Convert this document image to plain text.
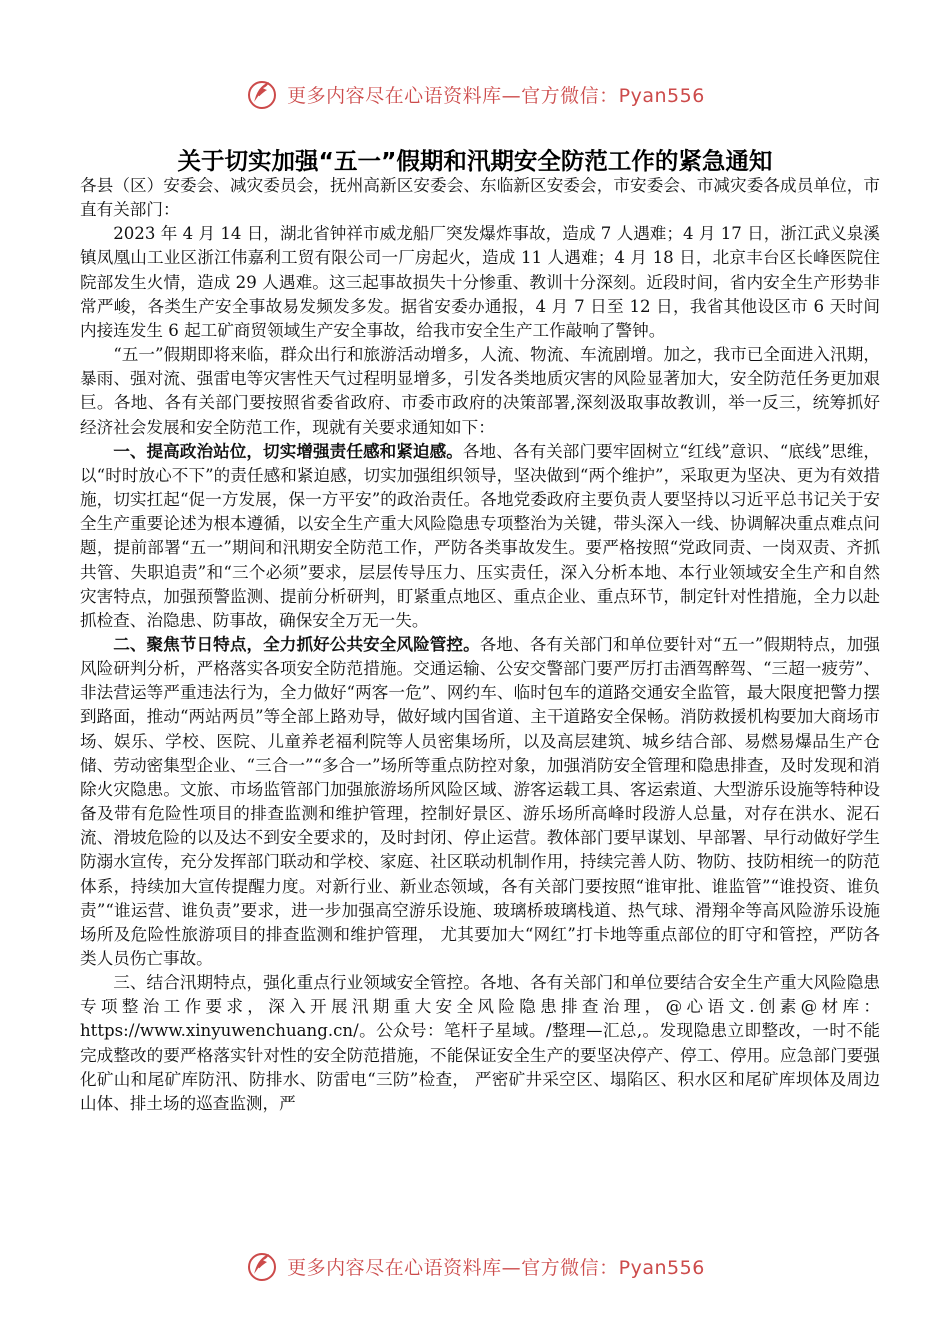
更多内容尽在心语资料库—官方微信：Pyan556
关于切实加强“五一”假期和汛期安全防范工作的紧急通知

各县（区）安委会、减灾委员会，抚州高新区安委会、东临新区安委会，市安委会、市减灾委各成员单位，市直有关部门：

2023 年 4 月 14 日，湖北省钟祥市威龙船厂突发爆炸事故，造成 7 人遇难；4 月 17 日，浙江武义泉溪镇凤凰山工业区浙江伟嘉利工贸有限公司一厂房起火，造成 11 人遇难；4 月 18 日，北京丰台区长峰医院住院部发生火情，造成 29 人遇难。这三起事故损失十分惨重、教训十分深刻。近段时间，省内安全生产形势非常严峻，各类生产安全事故易发频发多发。据省安委办通报，4 月 7 日至 12 日，我省其他设区市 6 天时间内接连发生 6 起工矿商贸领域生产安全事故，给我市安全生产工作敲响了警钟。

“五一”假期即将来临，群众出行和旅游活动增多，人流、物流、车流剧增。加之，我市已全面进入汛期，暴雨、强对流、强雷电等灾害性天气过程明显增多，引发各类地质灾害的风险显著加大，安全防范任务更加艰巨。各地、各有关部门要按照省委省政府、市委市政府的决策部署,深刻汲取事故教训，举一反三，统筹抓好经济社会发展和安全防范工作，现就有关要求通知如下：

一、提高政治站位，切实增强责任感和紧迫感。各地、各有关部门要牢固树立“红线”意识、“底线”思维，以“时时放心不下”的责任感和紧迫感，切实加强组织领导，坚决做到“两个维护”，采取更为坚决、更为有效措施，切实扛起“促一方发展，保一方平安”的政治责任。各地党委政府主要负责人要坚持以习近平总书记关于安全生产重要论述为根本遵循，以安全生产重大风险隐患专项整治为关键，带头深入一线、协调解决重点难点问题，提前部署“五一”期间和汛期安全防范工作，严防各类事故发生。要严格按照“党政同责、一岗双责、齐抓共管、失职追责”和“三个必须”要求，层层传导压力、压实责任，深入分析本地、本行业领域安全生产和自然灾害特点，加强预警监测、提前分析研判，盯紧重点地区、重点企业、重点环节，制定针对性措施，全力以赴抓检查、治隐患、防事故，确保安全万无一失。

二、聚焦节日特点，全力抓好公共安全风险管控。各地、各有关部门和单位要针对“五一”假期特点，加强风险研判分析，严格落实各项安全防范措施。交通运输、公安交警部门要严厉打击酒驾醉驾、“三超一疲劳”、非法营运等严重违法行为，全力做好“两客一危”、网约车、临时包车的道路交通安全监管，最大限度把警力摆到路面，推动“两站两员”等全部上路劝导，做好域内国省道、主干道路安全保畅。消防救援机构要加大商场市场、娱乐、学校、医院、儿童养老福利院等人员密集场所，以及高层建筑、城乡结合部、易燃易爆品生产仓储、劳动密集型企业、“三合一”“多合一”场所等重点防控对象，加强消防安全管理和隐患排查，及时发现和消除火灾隐患。文旅、市场监管部门加强旅游场所风险区域、游客运载工具、客运索道、大型游乐设施等特种设备及带有危险性项目的排查监测和维护管理，控制好景区、游乐场所高峰时段游人总量，对存在洪水、泥石流、滑坡危险的以及达不到安全要求的，及时封闭、停止运营。教体部门要早谋划、早部署、早行动做好学生防溺水宣传，充分发挥部门联动和学校、家庭、社区联动机制作用，持续完善人防、物防、技防相统一的防范体系，持续加大宣传提醒力度。对新行业、新业态领域，各有关部门要按照“谁审批、谁监管”“谁投资、谁负责”“谁运营、谁负责”要求，进一步加强高空游乐设施、玻璃桥玻璃栈道、热气球、滑翔伞等高风险游乐设施场所及危险性旅游项目的排查监测和维护管理， 尤其要加大“网红”打卡地等重点部位的盯守和管控，严防各类人员伤亡事故。

三、结合汛期特点，强化重点行业领域安全管控。各地、各有关部门和单位要结合安全生产重大风险隐患专项整治工作要求，深入开展汛期重大安全风险隐患排查治理，@心语文.创素@材库：https://www.xinyuwenchuang.cn/。公众号：笔杆子星域。/整理—汇总,。发现隐患立即整改，一时不能完成整改的要严格落实针对性的安全防范措施，不能保证安全生产的要坚决停产、停工、停用。应急部门要强化矿山和尾矿库防汛、防排水、防雷电“三防”检查， 严密矿井采空区、塌陷区、积水区和尾矿库坝体及周边山体、排土场的巡查监测，严

更多内容尽在心语资料库—官方微信：Pyan556
